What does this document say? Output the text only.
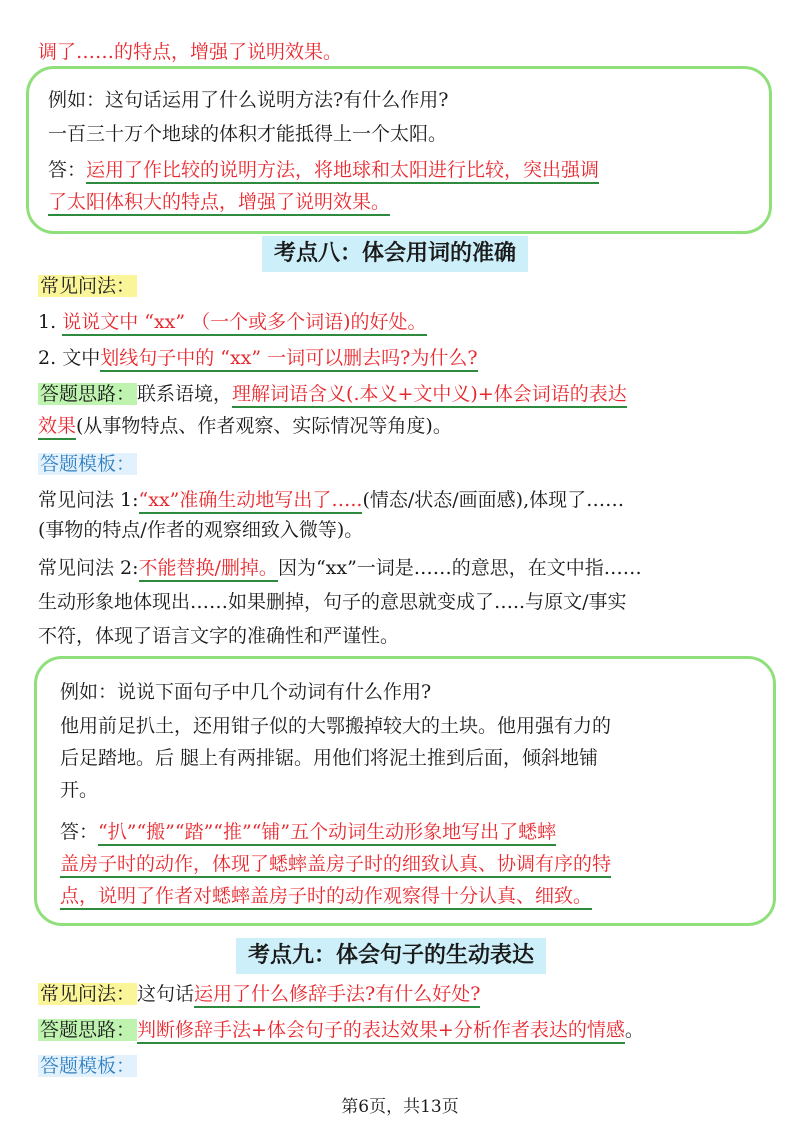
调了……的特点，增强了说明效果。
例如：这句话运用了什么说明方法?有什么作用?
一百三十万个地球的体积才能抵得上一个太阳。
答：运用了作比较的说明方法，将地球和太阳进行比较，突出强调
了太阳体积大的特点，增强了说明效果。
考点八：体会用词的准确
常见问法：
1. 说说文中 “xx” （一个或多个词语)的好处。
2. 文中划线句子中的 “xx” 一词可以删去吗?为什么?
答题思路： 联系语境，理解词语含义(.本义+文中义)+体会词语的表达
效果(从事物特点、作者观察、实际情况等角度)。
答题模板：
常见问法 1:“xx”准确生动地写出了…..(情态/状态/画面感),体现了……
(事物的特点/作者的观察细致入微等)。
常见问法 2:不能替换/删掉。因为“xx”一词是……的意思，在文中指……
生动形象地体现出……如果删掉，句子的意思就变成了…..与原文/事实
不符，体现了语言文字的准确性和严谨性。
例如：说说下面句子中几个动词有什么作用?
他用前足扒土，还用钳子似的大鄂搬掉较大的土块。他用强有力的
后足踏地。后 腿上有两排锯。用他们将泥土推到后面，倾斜地铺
开。
答：“扒”“搬”“踏”“推”“铺”五个动词生动形象地写出了蟋蟀
盖房子时的动作，体现了蟋蟀盖房子时的细致认真、协调有序的特
点，说明了作者对蟋蟀盖房子时的动作观察得十分认真、细致。
考点九：体会句子的生动表达
常见问法： 这句话运用了什么修辞手法?有什么好处?
答题思路： 判断修辞手法+体会句子的表达效果+分析作者表达的情感。
答题模板：
第6页，共13页
